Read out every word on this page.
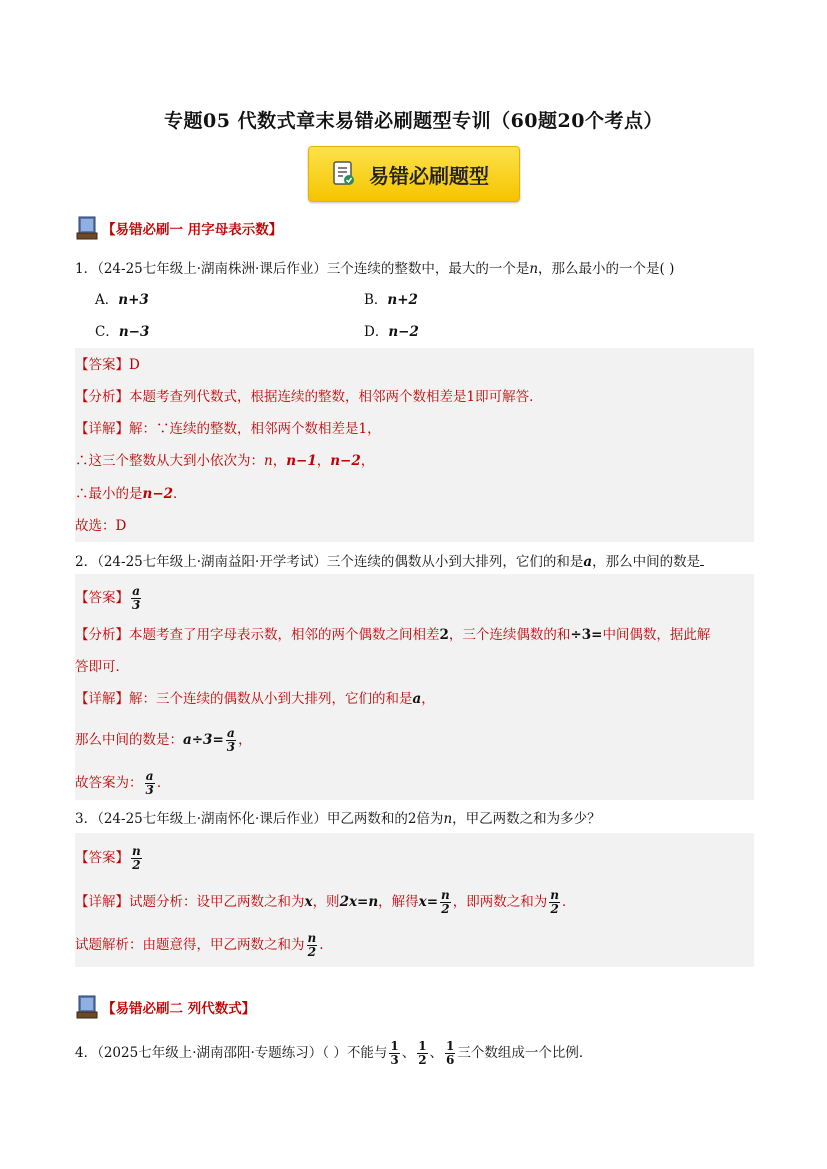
专题05 代数式章末易错必刷题型专训（60题20个考点）
易错必刷题型
【易错必刷一 用字母表示数】
1．（24-25七年级上·湖南株洲·课后作业）三个连续的整数中，最大的一个是n，那么最小的一个是( )
A．n+3	B．n+2
C．n−3	D．n−2
【答案】D
【分析】本题考查列代数式，根据连续的整数，相邻两个数相差是1即可解答．
【详解】解：∵连续的整数，相邻两个数相差是1，
∴这三个整数从大到小依次为：n，n−1，n−2，
∴最小的是n−2．
故选：D
2．（24-25七年级上·湖南益阳·开学考试）三个连续的偶数从小到大排列，它们的和是a，那么中间的数是
【答案】 $\frac{a}{3}$
【分析】本题考查了用字母表示数，相邻的两个偶数之间相差2，三个连续偶数的和÷3=中间偶数，据此解
答即可．
【详解】解：三个连续的偶数从小到大排列，它们的和是a，
那么中间的数是：$a\div 3= \frac{a}{3}$ ，
故答案为： $\frac{a}{3}$ ．
3．（24-25七年级上·湖南怀化·课后作业）甲乙两数和的2倍为n，甲乙两数之和为多少？
【答案】 $\frac{n}{2}$
【详解】试题分析：设甲乙两数之和为x，则2x=n，解得$x= \frac{n}{2}$ ，即两数之和为 $\frac{n}{2}$ ．
试题解析：由题意得，甲乙两数之和为 $\frac{n}{2}$ .
【易错必刷二 列代数式】
4．（2025七年级上·湖南邵阳·专题练习）（ ）不能与 $\frac{1}{3}$ 、 $\frac{1}{2}$ 、 $\frac{1}{6}$ 三个数组成一个比例．
